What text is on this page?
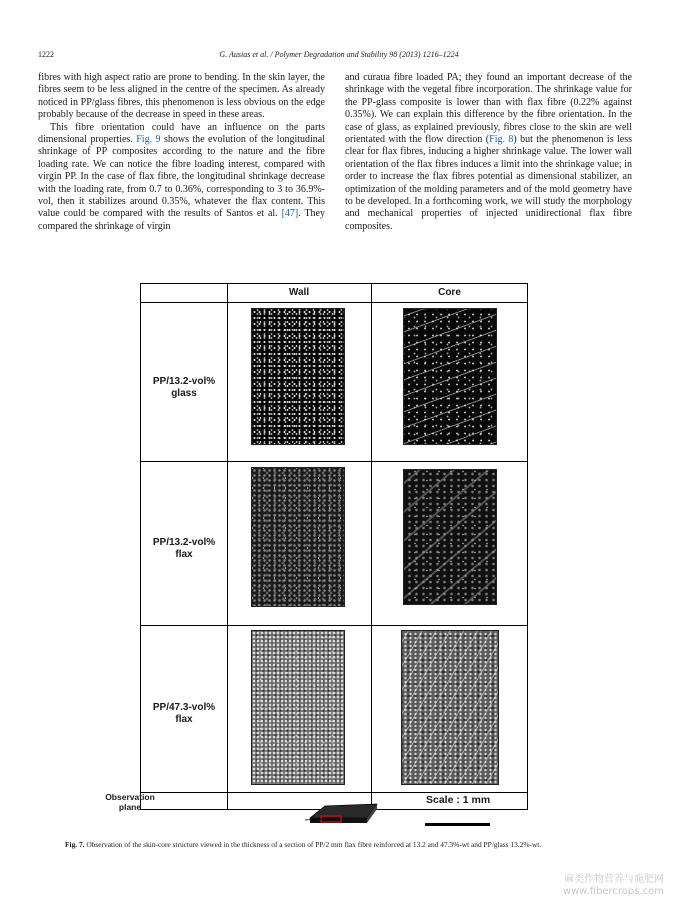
1222	G. Ausias et al. / Polymer Degradation and Stability 98 (2013) 1216–1224

fibres with high aspect ratio are prone to bending. In the skin layer, the fibres seem to be less aligned in the centre of the specimen. As already noticed in PP/glass fibres, this phenomenon is less obvious on the edge probably because of the decrease in speed in these areas.

This fibre orientation could have an influence on the parts dimensional properties. Fig. 9 shows the evolution of the longitudinal shrinkage of PP composites according to the nature and the fibre loading rate. We can notice the fibre loading interest, compared with virgin PP. In the case of flax fibre, the longitudinal shrinkage decrease with the loading rate, from 0.7 to 0.36%, corresponding to 3 to 36.9%-vol, then it stabilizes around 0.35%, whatever the flax content. This value could be compared with the results of Santos et al. [47]. They compared the shrinkage of virgin

and curaua fibre loaded PA; they found an important decrease of the shrinkage with the vegetal fibre incorporation. The shrinkage value for the PP-glass composite is lower than with flax fibre (0.22% against 0.35%). We can explain this difference by the fibre orientation. In the case of glass, as explained previously, fibres close to the skin are well orientated with the flow direction (Fig. 8) but the phenomenon is less clear for flax fibres, inducing a higher shrinkage value. The lower wall orientation of the flax fibres induces a limit into the shrinkage value; in order to increase the flax fibres potential as dimensional stabilizer, an optimization of the molding parameters and of the mold geometry have to be developed. In a forthcoming work, we will study the morphology and mechanical properties of injected unidirectional flax fibre composites.

Wall	Core
PP/13.2-vol%
glass
PP/13.2-vol%
flax
PP/47.3-vol%
flax
Scale : 1 mm
Observation
plane
Fig. 7. Observation of the skin-core structure viewed in the thickness of a section of PP/2 mm flax fibre reinforced at 13.2 and 47.3%-wt and PP/glass 13.2%-wt.
麻类作物营养与施肥网
www.fibercrops.com
